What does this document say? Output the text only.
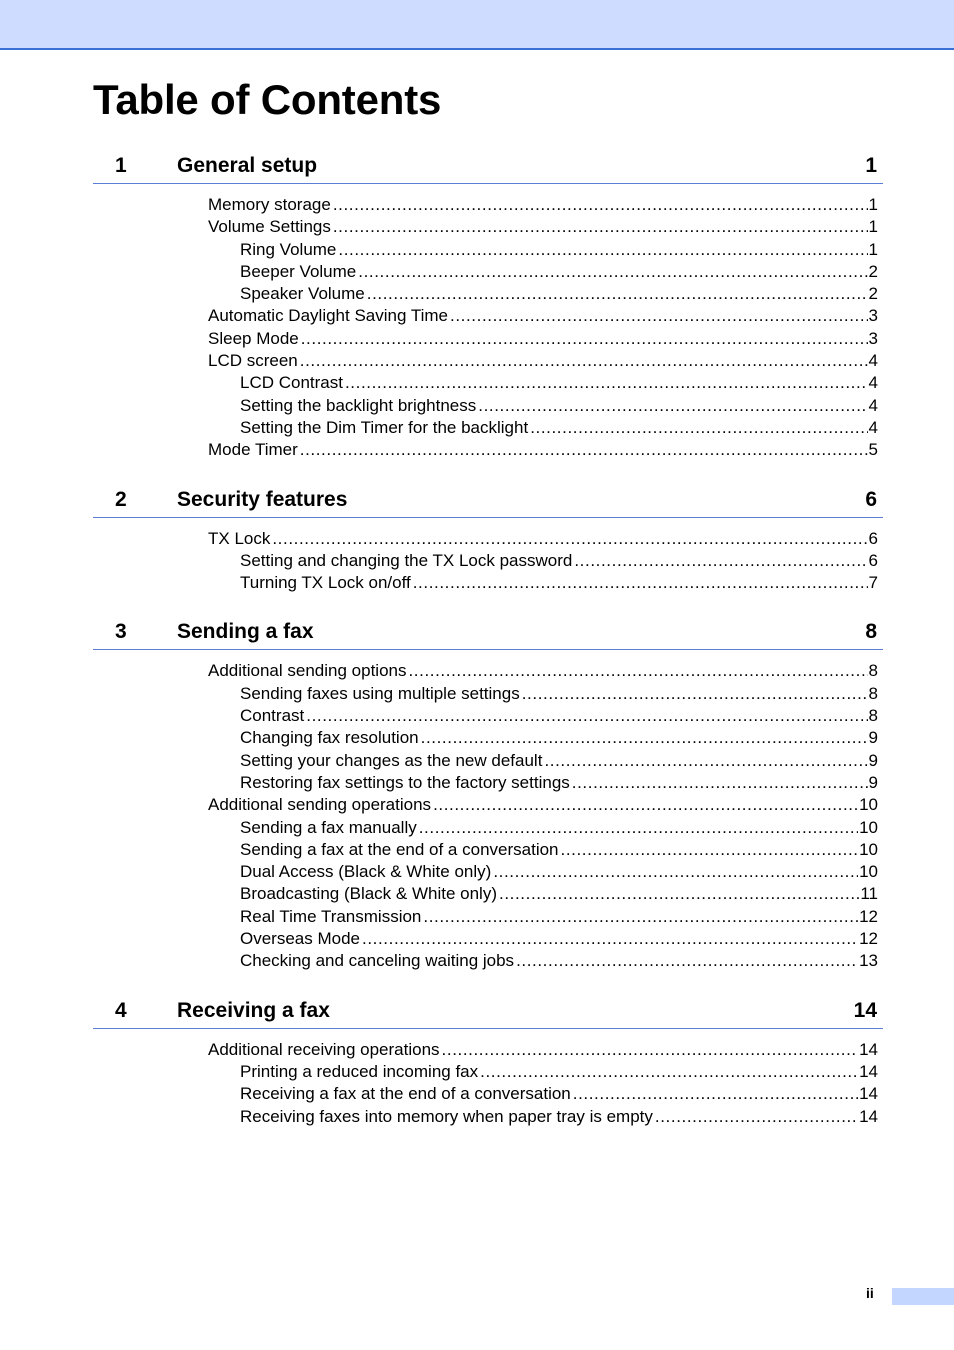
Table of Contents
1 General setup	1
Memory storage .....	1
Volume Settings .....	1
Ring Volume .....	1
Beeper Volume .....	2
Speaker Volume .....	2
Automatic Daylight Saving Time .....	3
Sleep Mode .....	3
LCD screen .....	4
LCD Contrast .....	4
Setting the backlight brightness .....	4
Setting the Dim Timer for the backlight .....	4
Mode Timer .....	5
2 Security features	6
TX Lock .....	6
Setting and changing the TX Lock password .....	6
Turning TX Lock on/off .....	7
3 Sending a fax	8
Additional sending options .....	8
Sending faxes using multiple settings .....	8
Contrast .....	8
Changing fax resolution .....	9
Setting your changes as the new default .....	9
Restoring fax settings to the factory settings .....	9
Additional sending operations .....	10
Sending a fax manually .....	10
Sending a fax at the end of a conversation .....	10
Dual Access (Black & White only) .....	10
Broadcasting (Black & White only) .....	11
Real Time Transmission .....	12
Overseas Mode .....	12
Checking and canceling waiting jobs .....	13
4 Receiving a fax	14
Additional receiving operations .....	14
Printing a reduced incoming fax .....	14
Receiving a fax at the end of a conversation .....	14
Receiving faxes into memory when paper tray is empty .....	14
ii
